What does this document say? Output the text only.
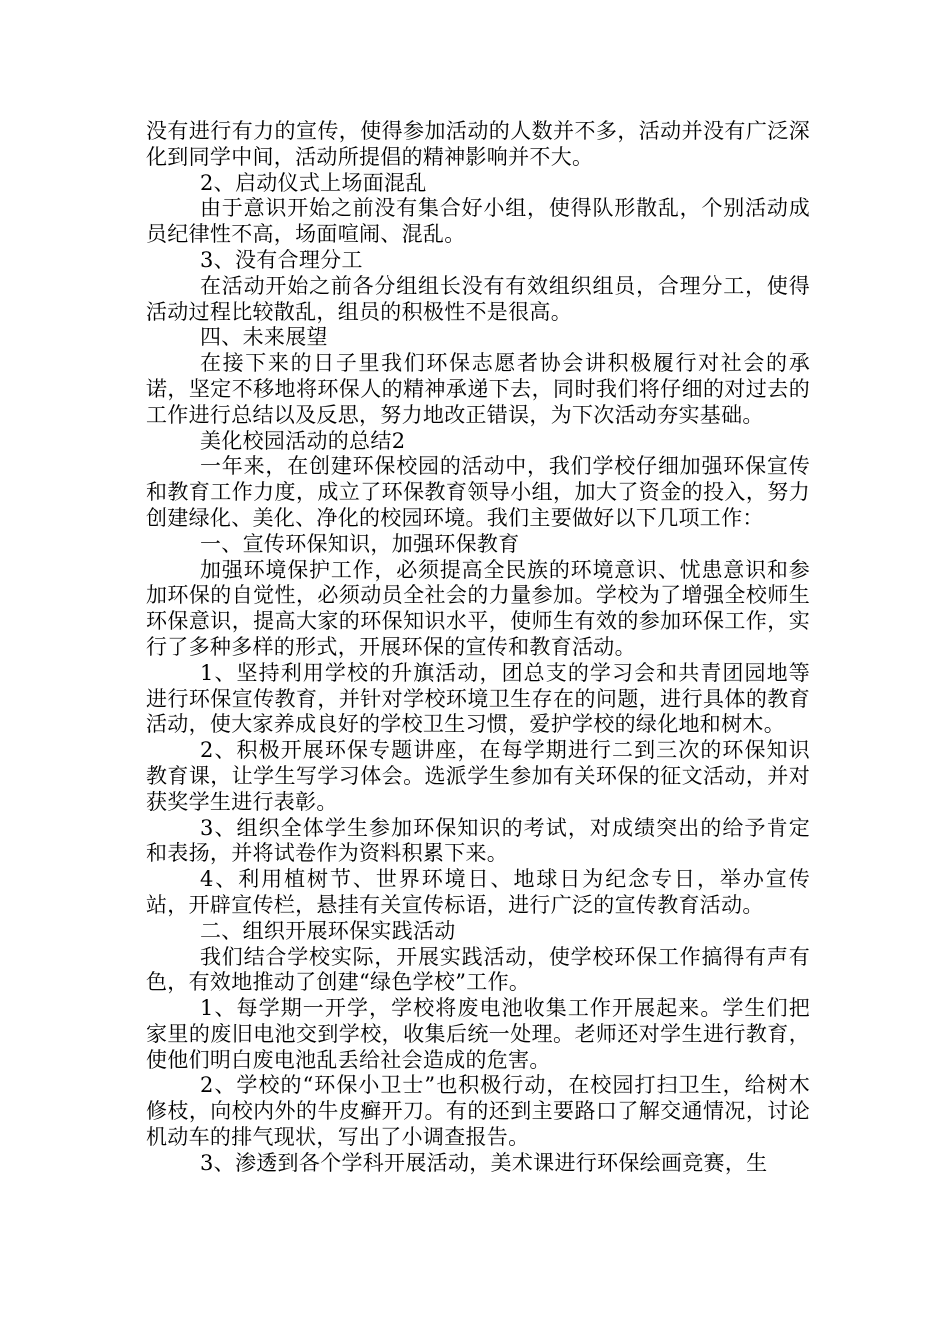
没有进行有力的宣传，使得参加活动的人数并不多，活动并没有广泛深化到同学中间，活动所提倡的精神影响并不大。

2、启动仪式上场面混乱

由于意识开始之前没有集合好小组，使得队形散乱，个别活动成员纪律性不高，场面喧闹、混乱。

3、没有合理分工

在活动开始之前各分组组长没有有效组织组员，合理分工，使得活动过程比较散乱，组员的积极性不是很高。

四、未来展望

在接下来的日子里我们环保志愿者协会讲积极履行对社会的承诺，坚定不移地将环保人的精神承递下去，同时我们将仔细的对过去的工作进行总结以及反思，努力地改正错误，为下次活动夯实基础。

美化校园活动的总结2

一年来，在创建环保校园的活动中，我们学校仔细加强环保宣传和教育工作力度，成立了环保教育领导小组，加大了资金的投入，努力创建绿化、美化、净化的校园环境。我们主要做好以下几项工作：

一、宣传环保知识，加强环保教育

加强环境保护工作，必须提高全民族的环境意识、忧患意识和参加环保的自觉性，必须动员全社会的力量参加。学校为了增强全校师生环保意识，提高大家的环保知识水平，使师生有效的参加环保工作，实行了多种多样的形式，开展环保的宣传和教育活动。

1、坚持利用学校的升旗活动，团总支的学习会和共青团园地等进行环保宣传教育，并针对学校环境卫生存在的问题，进行具体的教育活动，使大家养成良好的学校卫生习惯，爱护学校的绿化地和树木。

2、积极开展环保专题讲座，在每学期进行二到三次的环保知识教育课，让学生写学习体会。选派学生参加有关环保的征文活动，并对获奖学生进行表彰。

3、组织全体学生参加环保知识的考试，对成绩突出的给予肯定和表扬，并将试卷作为资料积累下来。

4、利用植树节、世界环境日、地球日为纪念专日，举办宣传站，开辟宣传栏，悬挂有关宣传标语，进行广泛的宣传教育活动。

二、组织开展环保实践活动

我们结合学校实际，开展实践活动，使学校环保工作搞得有声有色，有效地推动了创建“绿色学校”工作。

1、每学期一开学，学校将废电池收集工作开展起来。学生们把家里的废旧电池交到学校，收集后统一处理。老师还对学生进行教育，使他们明白废电池乱丢给社会造成的危害。

2、学校的“环保小卫士”也积极行动，在校园打扫卫生，给树木修枝，向校内外的牛皮癣开刀。有的还到主要路口了解交通情况，讨论机动车的排气现状，写出了小调查报告。

3、渗透到各个学科开展活动，美术课进行环保绘画竞赛，生
